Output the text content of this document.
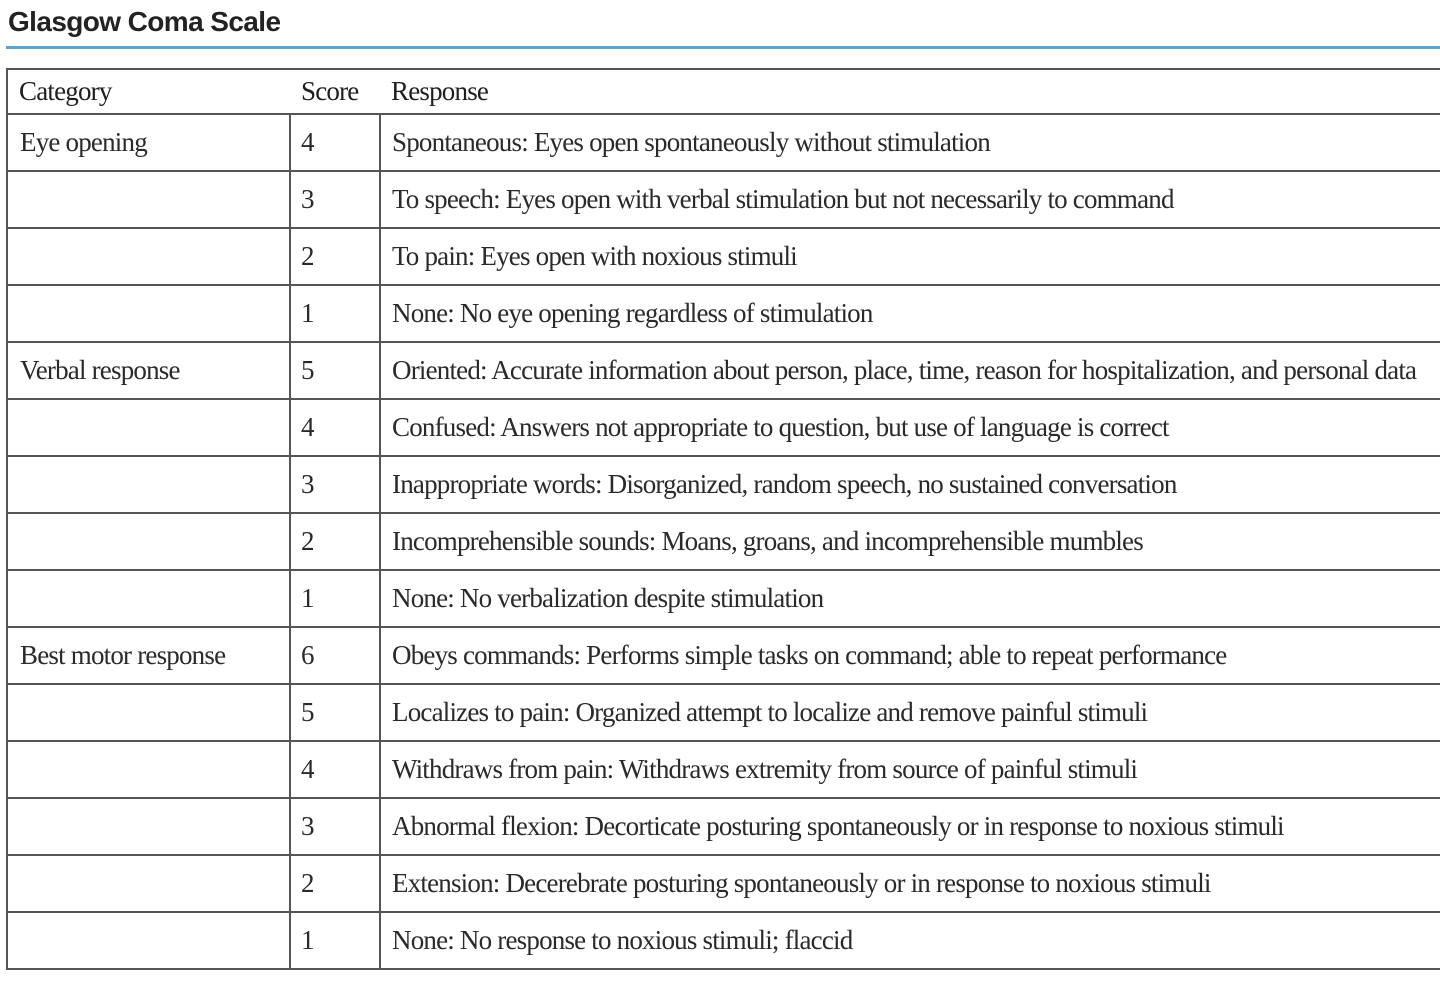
Glasgow Coma Scale
Category	Score	Response
Eye opening	4	Spontaneous: Eyes open spontaneously without stimulation
	3	To speech: Eyes open with verbal stimulation but not necessarily to command
	2	To pain: Eyes open with noxious stimuli
	1	None: No eye opening regardless of stimulation
Verbal response	5	Oriented: Accurate information about person, place, time, reason for hospitalization, and personal data
	4	Confused: Answers not appropriate to question, but use of language is correct
	3	Inappropriate words: Disorganized, random speech, no sustained conversation
	2	Incomprehensible sounds: Moans, groans, and incomprehensible mumbles
	1	None: No verbalization despite stimulation
Best motor response	6	Obeys commands: Performs simple tasks on command; able to repeat performance
	5	Localizes to pain: Organized attempt to localize and remove painful stimuli
	4	Withdraws from pain: Withdraws extremity from source of painful stimuli
	3	Abnormal flexion: Decorticate posturing spontaneously or in response to noxious stimuli
	2	Extension: Decerebrate posturing spontaneously or in response to noxious stimuli
	1	None: No response to noxious stimuli; flaccid
